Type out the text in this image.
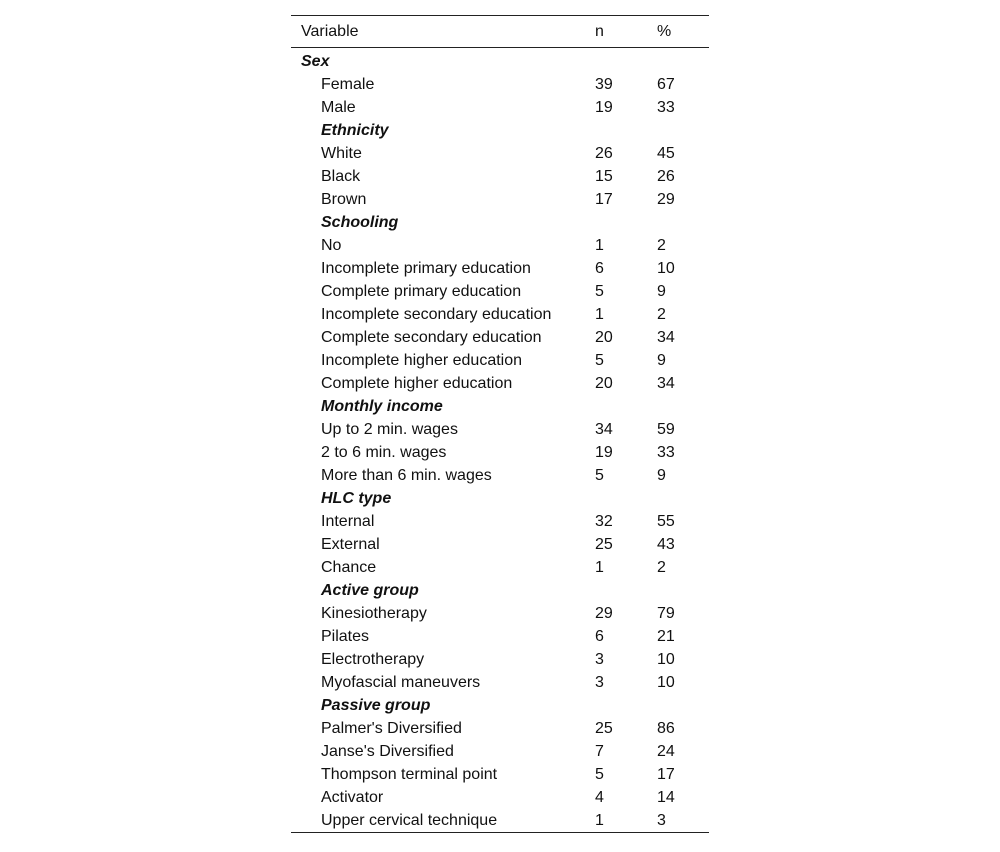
Variable	n	%
Sex		
Female	39	67
Male	19	33
Ethnicity		
White	26	45
Black	15	26
Brown	17	29
Schooling		
No	1	2
Incomplete primary education	6	10
Complete primary education	5	9
Incomplete secondary education	1	2
Complete secondary education	20	34
Incomplete higher education	5	9
Complete higher education	20	34
Monthly income		
Up to 2 min. wages	34	59
2 to 6 min. wages	19	33
More than 6 min. wages	5	9
HLC type		
Internal	32	55
External	25	43
Chance	1	2
Active group		
Kinesiotherapy	29	79
Pilates	6	21
Electrotherapy	3	10
Myofascial maneuvers	3	10
Passive group		
Palmer's Diversified	25	86
Janse's Diversified	7	24
Thompson terminal point	5	17
Activator	4	14
Upper cervical technique	1	3
